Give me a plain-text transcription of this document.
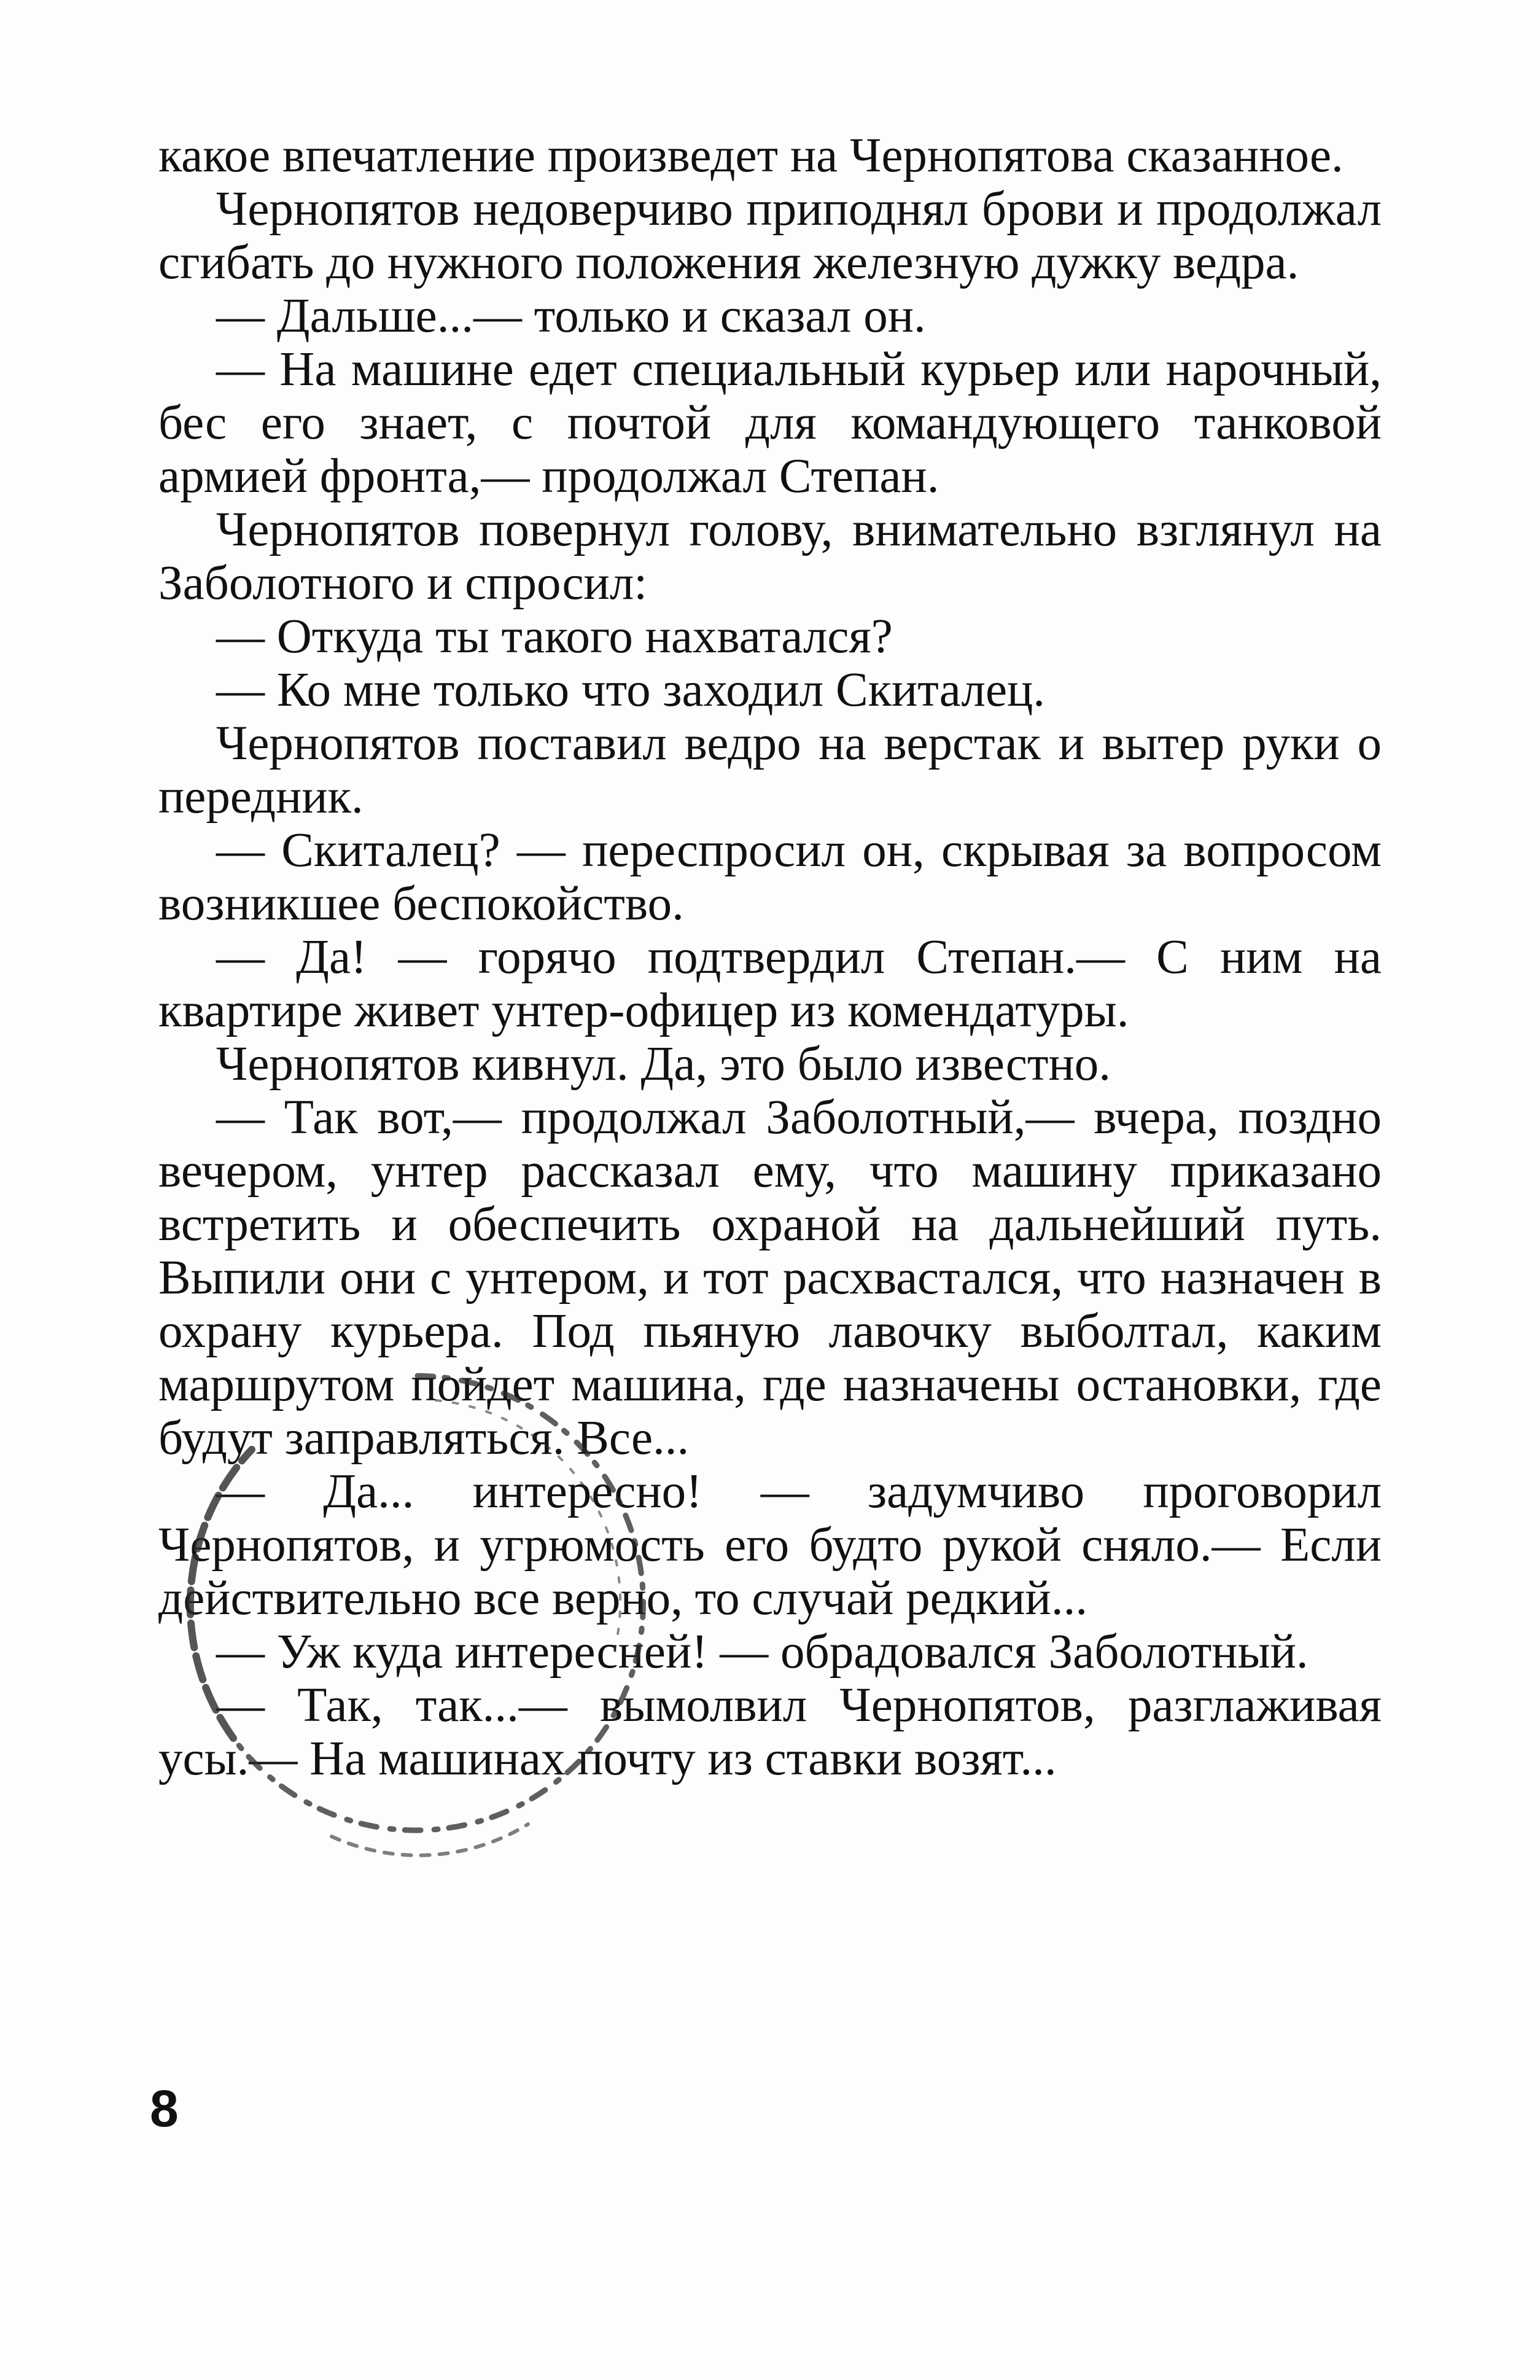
какое впечатление произведет на Чернопятова сказанное.

Чернопятов недоверчиво приподнял брови и продолжал сгибать до нужного положения железную дужку ведра.

— Дальше...— только и сказал он.

— На машине едет специальный курьер или нарочный, бес его знает, с почтой для командующего танковой армией фронта,— продолжал Степан.

Чернопятов повернул голову, внимательно взглянул на Заболотного и спросил:

— Откуда ты такого нахватался?

— Ко мне только что заходил Скиталец.

Чернопятов поставил ведро на верстак и вытер руки о передник.

— Скиталец? — переспросил он, скрывая за вопросом возникшее беспокойство.

— Да! — горячо подтвердил Степан.— С ним на квартире живет унтер-офицер из комендатуры.

Чернопятов кивнул. Да, это было известно.

— Так вот,— продолжал Заболотный,— вчера, поздно вечером, унтер рассказал ему, что машину приказано встретить и обеспечить охраной на дальнейший путь. Выпили они с унтером, и тот расхвастался, что назначен в охрану курьера. Под пьяную лавочку выболтал, каким маршрутом пойдет машина, где назначены остановки, где будут заправляться. Все...

— Да... интересно! — задумчиво проговорил Чернопятов, и угрюмость его будто рукой сняло.— Если действительно все верно, то случай редкий...

— Уж куда интересней! — обрадовался Заболотный.

— Так, так...— вымолвил Чернопятов, разглаживая усы.— На машинах почту из ставки возят...

8
